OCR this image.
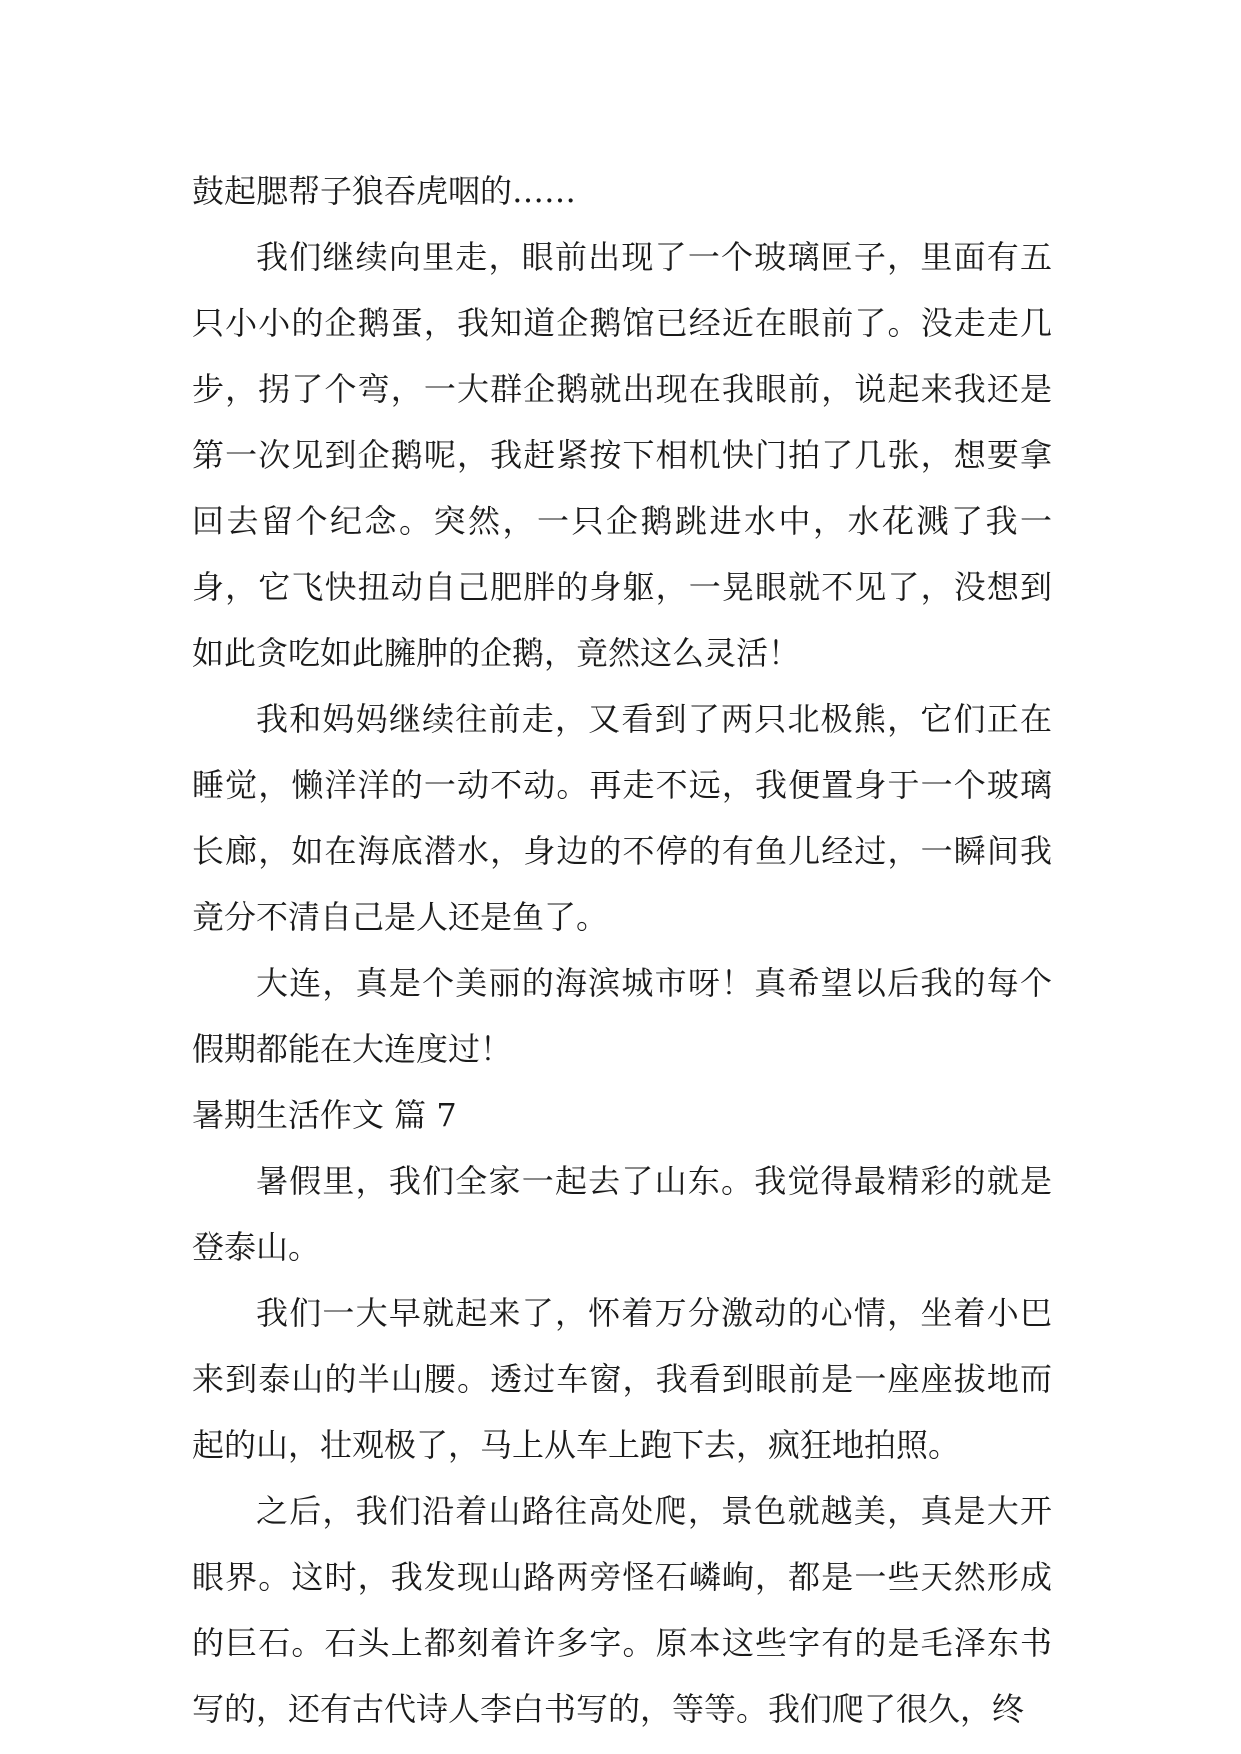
鼓起腮帮子狼吞虎咽的……

我们继续向里走，眼前出现了一个玻璃匣子，里面有五只小小的企鹅蛋，我知道企鹅馆已经近在眼前了。没走走几步，拐了个弯，一大群企鹅就出现在我眼前，说起来我还是第一次见到企鹅呢，我赶紧按下相机快门拍了几张，想要拿回去留个纪念。突然，一只企鹅跳进水中，水花溅了我一身，它飞快扭动自己肥胖的身躯，一晃眼就不见了，没想到如此贪吃如此臃肿的企鹅，竟然这么灵活！

我和妈妈继续往前走，又看到了两只北极熊，它们正在睡觉，懒洋洋的一动不动。再走不远，我便置身于一个玻璃长廊，如在海底潜水，身边的不停的有鱼儿经过，一瞬间我竟分不清自己是人还是鱼了。

大连，真是个美丽的海滨城市呀！真希望以后我的每个假期都能在大连度过！

暑期生活作文 篇 7

暑假里，我们全家一起去了山东。我觉得最精彩的就是登泰山。

我们一大早就起来了，怀着万分激动的心情，坐着小巴来到泰山的半山腰。透过车窗，我看到眼前是一座座拔地而起的山，壮观极了，马上从车上跑下去，疯狂地拍照。

之后，我们沿着山路往高处爬，景色就越美，真是大开眼界。这时，我发现山路两旁怪石嶙峋，都是一些天然形成的巨石。石头上都刻着许多字。原本这些字有的是毛泽东书写的，还有古代诗人李白书写的，等等。我们爬了很久，终
